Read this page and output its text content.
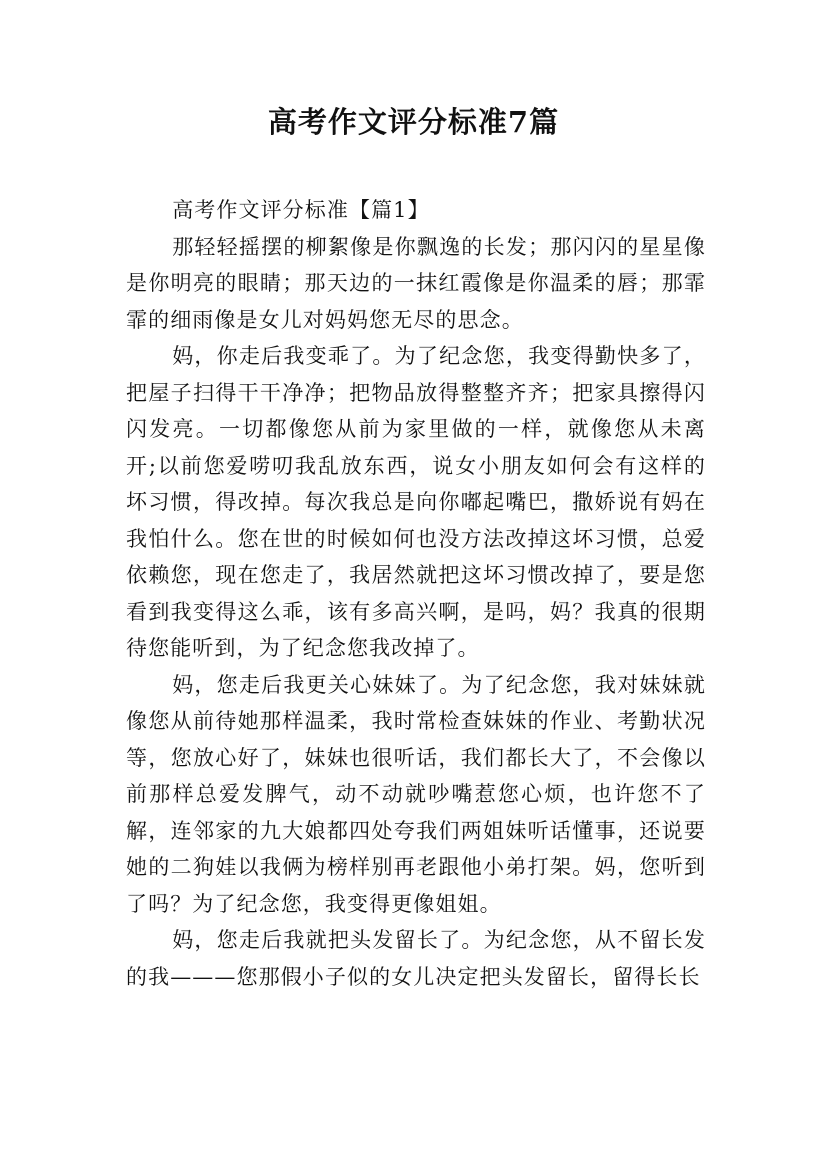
高考作文评分标准7篇

高考作文评分标准【篇1】

那轻轻摇摆的柳絮像是你飘逸的长发；那闪闪的星星像是你明亮的眼睛；那天边的一抹红霞像是你温柔的唇；那霏霏的细雨像是女儿对妈妈您无尽的思念。

妈，你走后我变乖了。为了纪念您，我变得勤快多了，把屋子扫得干干净净；把物品放得整整齐齐；把家具擦得闪闪发亮。一切都像您从前为家里做的一样，就像您从未离开;以前您爱唠叨我乱放东西，说女小朋友如何会有这样的坏习惯，得改掉。每次我总是向你嘟起嘴巴，撒娇说有妈在我怕什么。您在世的时候如何也没方法改掉这坏习惯，总爱依赖您，现在您走了，我居然就把这坏习惯改掉了，要是您看到我变得这么乖，该有多高兴啊，是吗，妈？我真的很期待您能听到，为了纪念您我改掉了。

妈，您走后我更关心妹妹了。为了纪念您，我对妹妹就像您从前待她那样温柔，我时常检查妹妹的作业、考勤状况等，您放心好了，妹妹也很听话，我们都长大了，不会像以前那样总爱发脾气，动不动就吵嘴惹您心烦，也许您不了解，连邻家的九大娘都四处夸我们两姐妹听话懂事，还说要她的二狗娃以我俩为榜样别再老跟他小弟打架。妈，您听到了吗？为了纪念您，我变得更像姐姐。

妈，您走后我就把头发留长了。为纪念您，从不留长发的我———您那假小子似的女儿决定把头发留长，留得长长
